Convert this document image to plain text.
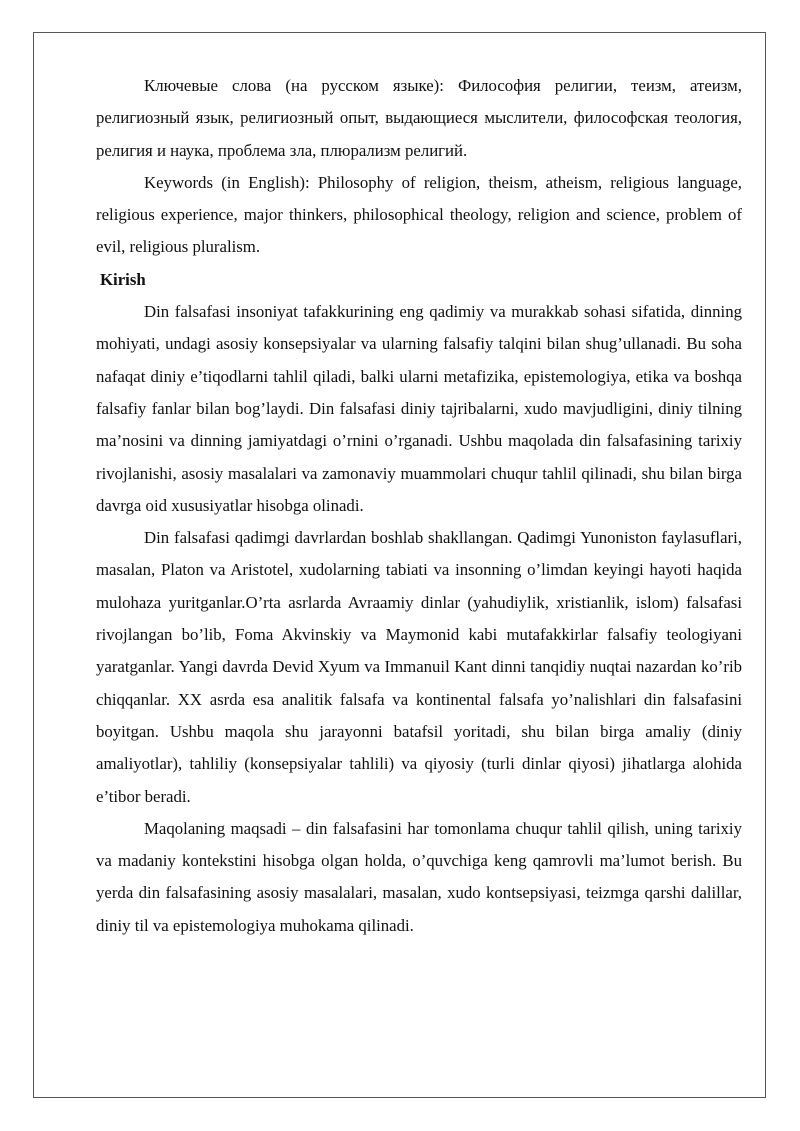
Ключевые слова (на русском языке): Философия религии, теизм, атеизм, религиозный язык, религиозный опыт, выдающиеся мыслители, философская теология, религия и наука, проблема зла, плюрализм религий.

Keywords (in English): Philosophy of religion, theism, atheism, religious language, religious experience, major thinkers, philosophical theology, religion and science, problem of evil, religious pluralism.

Kirish

Din falsafasi insoniyat tafakkurining eng qadimiy va murakkab sohasi sifatida, dinning mohiyati, undagi asosiy konsepsiyalar va ularning falsafiy talqini bilan shug’ullanadi. Bu soha nafaqat diniy e’tiqodlarni tahlil qiladi, balki ularni metafizika, epistemologiya, etika va boshqa falsafiy fanlar bilan bog’laydi. Din falsafasi diniy tajribalarni, xudo mavjudligini, diniy tilning ma’nosini va dinning jamiyatdagi o’rnini o’rganadi. Ushbu maqolada din falsafasining tarixiy rivojlanishi, asosiy masalalari va zamonaviy muammolari chuqur tahlil qilinadi, shu bilan birga davrga oid xususiyatlar hisobga olinadi.

Din falsafasi qadimgi davrlardan boshlab shakllangan. Qadimgi Yunoniston faylasuflari, masalan, Platon va Aristotel, xudolarning tabiati va insonning o’limdan keyingi hayoti haqida mulohaza yuritganlar.O’rta asrlarda Avraamiy dinlar (yahudiylik, xristianlik, islom) falsafasi rivojlangan bo’lib, Foma Akvinskiy va Maymonid kabi mutafakkirlar falsafiy teologiyani yaratganlar. Yangi davrda Devid Xyum va Immanuil Kant dinni tanqidiy nuqtai nazardan ko’rib chiqqanlar. XX asrda esa analitik falsafa va kontinental falsafa yo’nalishlari din falsafasini boyitgan. Ushbu maqola shu jarayonni batafsil yoritadi, shu bilan birga amaliy (diniy amaliyotlar), tahliliy (konsepsiyalar tahlili) va qiyosiy (turli dinlar qiyosi) jihatlarga alohida e’tibor beradi.

Maqolaning maqsadi – din falsafasini har tomonlama chuqur tahlil qilish, uning tarixiy va madaniy kontekstini hisobga olgan holda, o’quvchiga keng qamrovli ma’lumot berish. Bu yerda din falsafasining asosiy masalalari, masalan, xudo kontsepsiyasi, teizmga qarshi dalillar, diniy til va epistemologiya muhokama qilinadi.
